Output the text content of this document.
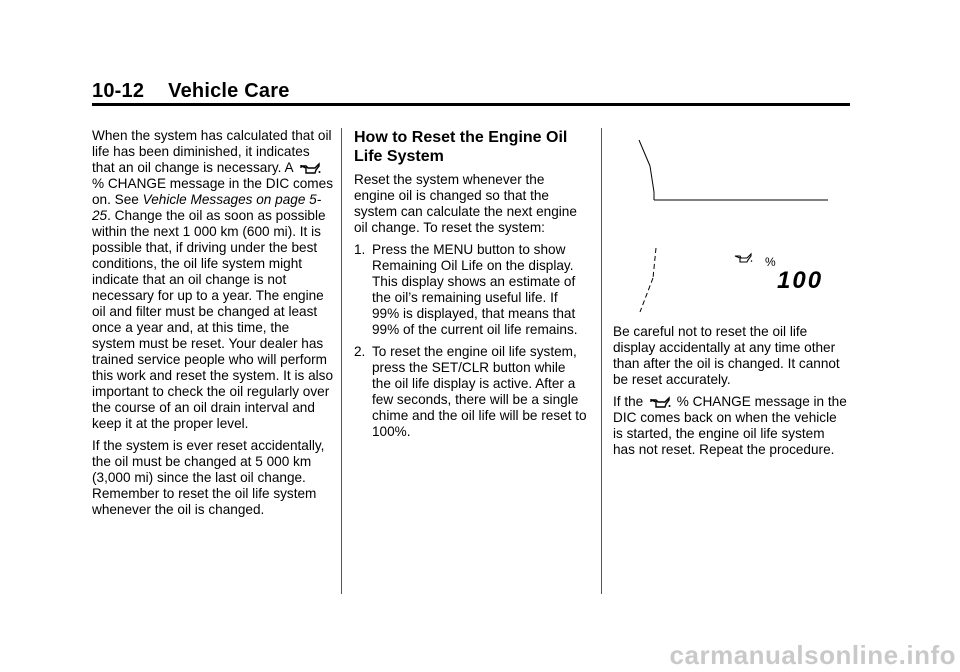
10-12 Vehicle Care

When the system has calculated that oil life has been diminished, it indicates that an oil change is necessary. A  % CHANGE message in the DIC comes on. See Vehicle Messages on page 5-25. Change the oil as soon as possible within the next 1 000 km (600 mi). It is possible that, if driving under the best conditions, the oil life system might indicate that an oil change is not necessary for up to a year. The engine oil and filter must be changed at least once a year and, at this time, the system must be reset. Your dealer has trained service people who will perform this work and reset the system. It is also important to check the oil regularly over the course of an oil drain interval and keep it at the proper level.

If the system is ever reset accidentally, the oil must be changed at 5 000 km (3,000 mi) since the last oil change. Remember to reset the oil life system whenever the oil is changed.

How to Reset the Engine Oil Life System

Reset the system whenever the engine oil is changed so that the system can calculate the next engine oil change. To reset the system:

1. Press the MENU button to show Remaining Oil Life on the display. This display shows an estimate of the oil’s remaining useful life. If 99% is displayed, that means that 99% of the current oil life remains.
2. To reset the engine oil life system, press the SET/CLR button while the oil life display is active. After a few seconds, there will be a single chime and the oil life will be reset to 100%.
%
100

Be careful not to reset the oil life display accidentally at any time other than after the oil is changed. It cannot be reset accurately.

If the % CHANGE message in the DIC comes back on when the vehicle is started, the engine oil life system has not reset. Repeat the procedure.

carmanualsonline.info
